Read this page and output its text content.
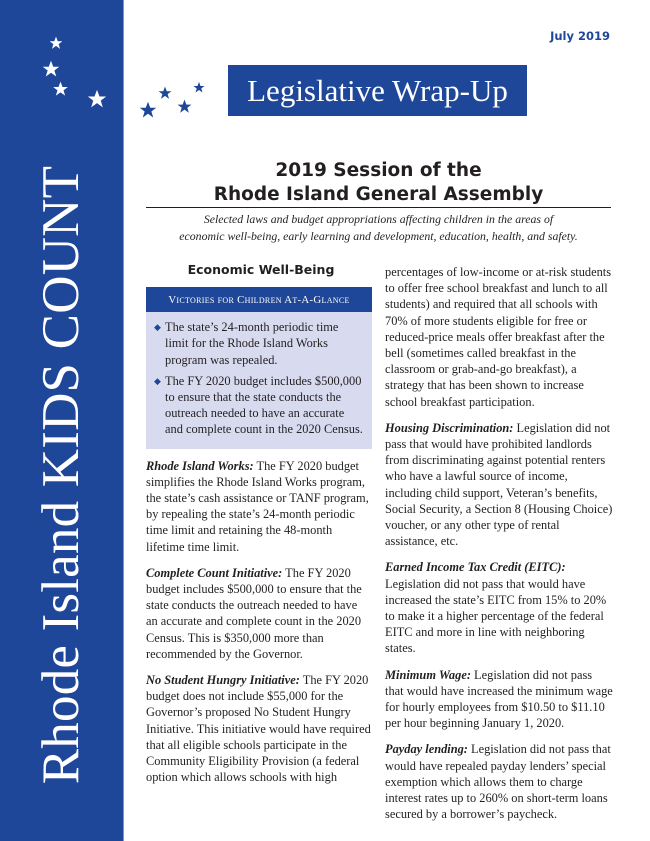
Rhode Island KIDS COUNT
July 2019
Legislative Wrap-Up
2019 Session of the
Rhode Island General Assembly
Selected laws and budget appropriations affecting children in the areas of
economic well-being, early learning and development, education, health, and safety.
Economic Well-Being
Victories for Children At-A-Glance
◆ The state’s 24-month periodic time limit for the Rhode Island Works program was repealed.
◆ The FY 2020 budget includes $500,000 to ensure that the state conducts the outreach needed to have an accurate and complete count in the 2020 Census.

Rhode Island Works: The FY 2020 budget simplifies the Rhode Island Works program, the state’s cash assistance or TANF program, by repealing the state’s 24-month periodic time limit and retaining the 48-month lifetime time limit.

Complete Count Initiative: The FY 2020 budget includes $500,000 to ensure that the state conducts the outreach needed to have an accurate and complete count in the 2020 Census. This is $350,000 more than recommended by the Governor.

No Student Hungry Initiative: The FY 2020 budget does not include $55,000 for the Governor’s proposed No Student Hungry Initiative. This initiative would have required that all eligible schools participate in the Community Eligibility Provision (a federal option which allows schools with high

percentages of low-income or at-risk students to offer free school breakfast and lunch to all students) and required that all schools with 70% of more students eligible for free or reduced-price meals offer breakfast after the bell (sometimes called breakfast in the classroom or grab-and-go breakfast), a strategy that has been shown to increase school breakfast participation.

Housing Discrimination: Legislation did not pass that would have prohibited landlords from discriminating against potential renters who have a lawful source of income, including child support, Veteran’s benefits, Social Security, a Section 8 (Housing Choice) voucher, or any other type of rental assistance, etc.

Earned Income Tax Credit (EITC): Legislation did not pass that would have increased the state’s EITC from 15% to 20% to make it a higher percentage of the federal EITC and more in line with neighboring states.

Minimum Wage: Legislation did not pass that would have increased the minimum wage for hourly employees from $10.50 to $11.10 per hour beginning January 1, 2020.

Payday lending: Legislation did not pass that would have repealed payday lenders’ special exemption which allows them to charge interest rates up to 260% on short-term loans secured by a borrower’s paycheck.
